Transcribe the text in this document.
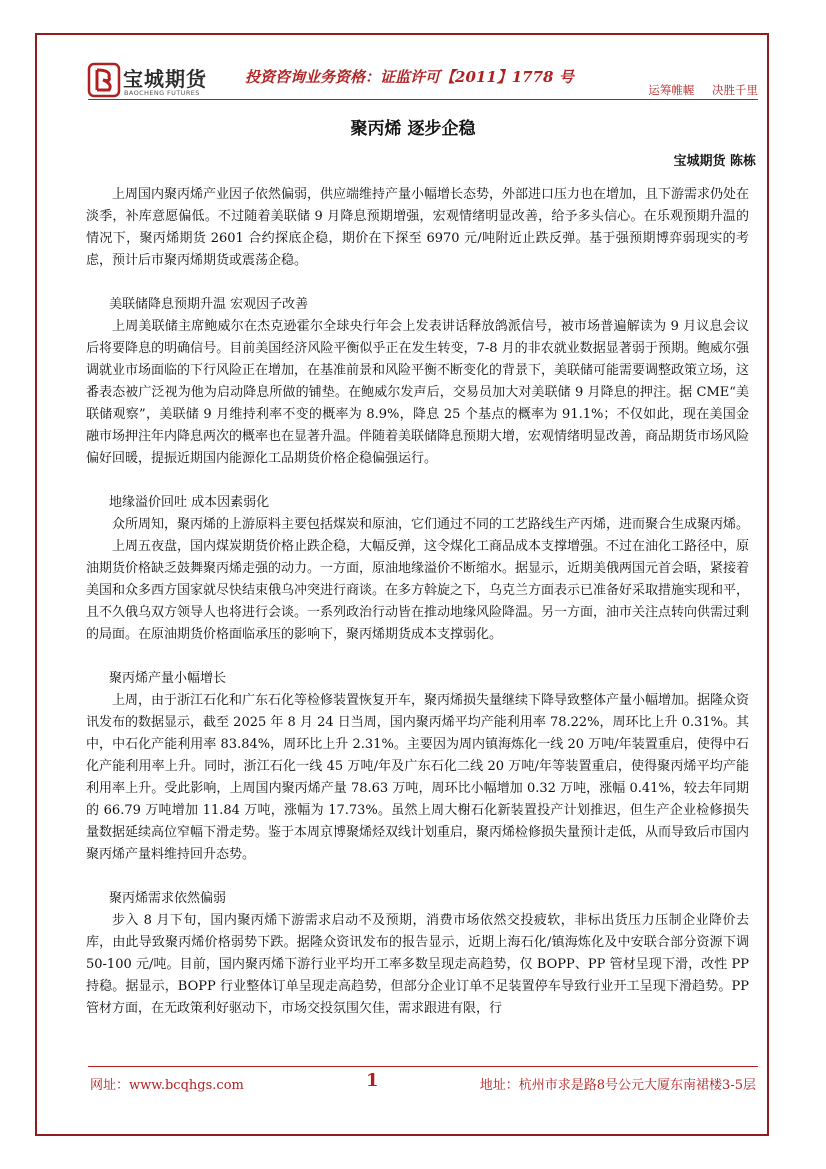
宝城期货
BAOCHENG FUTURES
投资咨询业务资格：证监许可【2011】1778 号
运筹帷幄 决胜千里
聚丙烯 逐步企稳
宝城期货 陈栋

上周国内聚丙烯产业因子依然偏弱，供应端维持产量小幅增长态势，外部进口压力也在增加，且下游需求仍处在淡季，补库意愿偏低。不过随着美联储 9 月降息预期增强，宏观情绪明显改善，给予多头信心。在乐观预期升温的情况下，聚丙烯期货 2601 合约探底企稳，期价在下探至 6970 元/吨附近止跌反弹。基于强预期博弈弱现实的考虑，预计后市聚丙烯期货或震荡企稳。

美联储降息预期升温 宏观因子改善

上周美联储主席鲍威尔在杰克逊霍尔全球央行年会上发表讲话释放鸽派信号，被市场普遍解读为 9 月议息会议后将要降息的明确信号。目前美国经济风险平衡似乎正在发生转变，7-8 月的非农就业数据显著弱于预期。鲍威尔强调就业市场面临的下行风险正在增加，在基准前景和风险平衡不断变化的背景下，美联储可能需要调整政策立场，这番表态被广泛视为他为启动降息所做的铺垫。在鲍威尔发声后，交易员加大对美联储 9 月降息的押注。据 CME“美联储观察”，美联储 9 月维持利率不变的概率为 8.9%，降息 25 个基点的概率为 91.1%；不仅如此，现在美国金融市场押注年内降息两次的概率也在显著升温。伴随着美联储降息预期大增，宏观情绪明显改善，商品期货市场风险偏好回暖，提振近期国内能源化工品期货价格企稳偏强运行。

地缘溢价回吐 成本因素弱化

众所周知，聚丙烯的上游原料主要包括煤炭和原油，它们通过不同的工艺路线生产丙烯，进而聚合生成聚丙烯。

上周五夜盘，国内煤炭期货价格止跌企稳，大幅反弹，这令煤化工商品成本支撑增强。不过在油化工路径中，原油期货价格缺乏鼓舞聚丙烯走强的动力。一方面，原油地缘溢价不断缩水。据显示，近期美俄两国元首会晤，紧接着美国和众多西方国家就尽快结束俄乌冲突进行商谈。在多方斡旋之下，乌克兰方面表示已准备好采取措施实现和平，且不久俄乌双方领导人也将进行会谈。一系列政治行动皆在推动地缘风险降温。另一方面，油市关注点转向供需过剩的局面。在原油期货价格面临承压的影响下，聚丙烯期货成本支撑弱化。

聚丙烯产量小幅增长

上周，由于浙江石化和广东石化等检修装置恢复开车，聚丙烯损失量继续下降导致整体产量小幅增加。据隆众资讯发布的数据显示，截至 2025 年 8 月 24 日当周，国内聚丙烯平均产能利用率 78.22%，周环比上升 0.31%。其中，中石化产能利用率 83.84%，周环比上升 2.31%。主要因为周内镇海炼化一线 20 万吨/年装置重启，使得中石化产能利用率上升。同时，浙江石化一线 45 万吨/年及广东石化二线 20 万吨/年等装置重启，使得聚丙烯平均产能利用率上升。受此影响，上周国内聚丙烯产量 78.63 万吨，周环比小幅增加 0.32 万吨，涨幅 0.41%，较去年同期的 66.79 万吨增加 11.84 万吨，涨幅为 17.73%。虽然上周大榭石化新装置投产计划推迟，但生产企业检修损失量数据延续高位窄幅下滑走势。鉴于本周京博聚烯烃双线计划重启，聚丙烯检修损失量预计走低，从而导致后市国内聚丙烯产量料维持回升态势。

聚丙烯需求依然偏弱

步入 8 月下旬，国内聚丙烯下游需求启动不及预期，消费市场依然交投疲软，非标出货压力压制企业降价去库，由此导致聚丙烯价格弱势下跌。据隆众资讯发布的报告显示，近期上海石化/镇海炼化及中安联合部分资源下调 50-100 元/吨。目前，国内聚丙烯下游行业平均开工率多数呈现走高趋势，仅 BOPP、PP 管材呈现下滑，改性 PP 持稳。据显示，BOPP 行业整体订单呈现走高趋势，但部分企业订单不足装置停车导致行业开工呈现下滑趋势。PP 管材方面，在无政策利好驱动下，市场交投氛围欠佳，需求跟进有限，行

网址：www.bcqhgs.com	1	地址：杭州市求是路8号公元大厦东南裙楼3-5层
